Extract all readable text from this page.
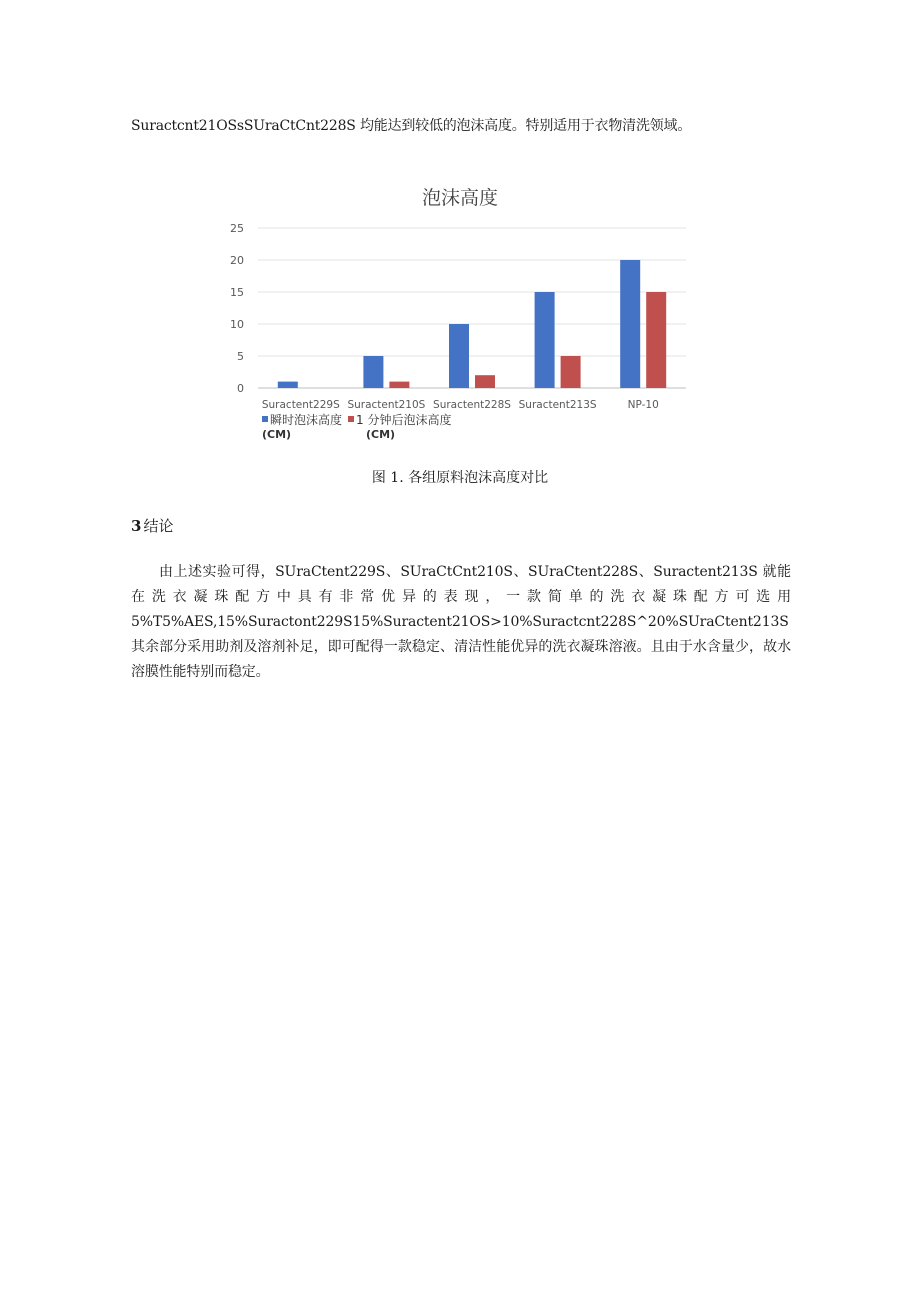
Suractcnt21OSsSUraCtCnt228S 均能达到较低的泡沫高度。特别适用于衣物清洗领域。

泡沫高度
0
5
10
15
20
25
Suractent229S Suractent210S Suractent228S Suractent213S	NP-10
瞬时泡沫高度
(CM)
1 分钟后泡沫高度
(CM)

图 1. 各组原料泡沫高度对比

3 结论

由上述实验可得，SUraCtent229S、SUraCtCnt210S、SUraCtent228S、Suractent213S 就能在洗衣凝珠配方中具有非常优异的表现，一款简单的洗衣凝珠配方可选用5%T5%AES,15%Suractont229S15%Suractent21OS>10%Suractcnt228S^20%SUraCtent213S 其余部分采用助剂及溶剂补足，即可配得一款稳定、清洁性能优异的洗衣凝珠溶液。且由于水含量少，故水溶膜性能特别而稳定。
